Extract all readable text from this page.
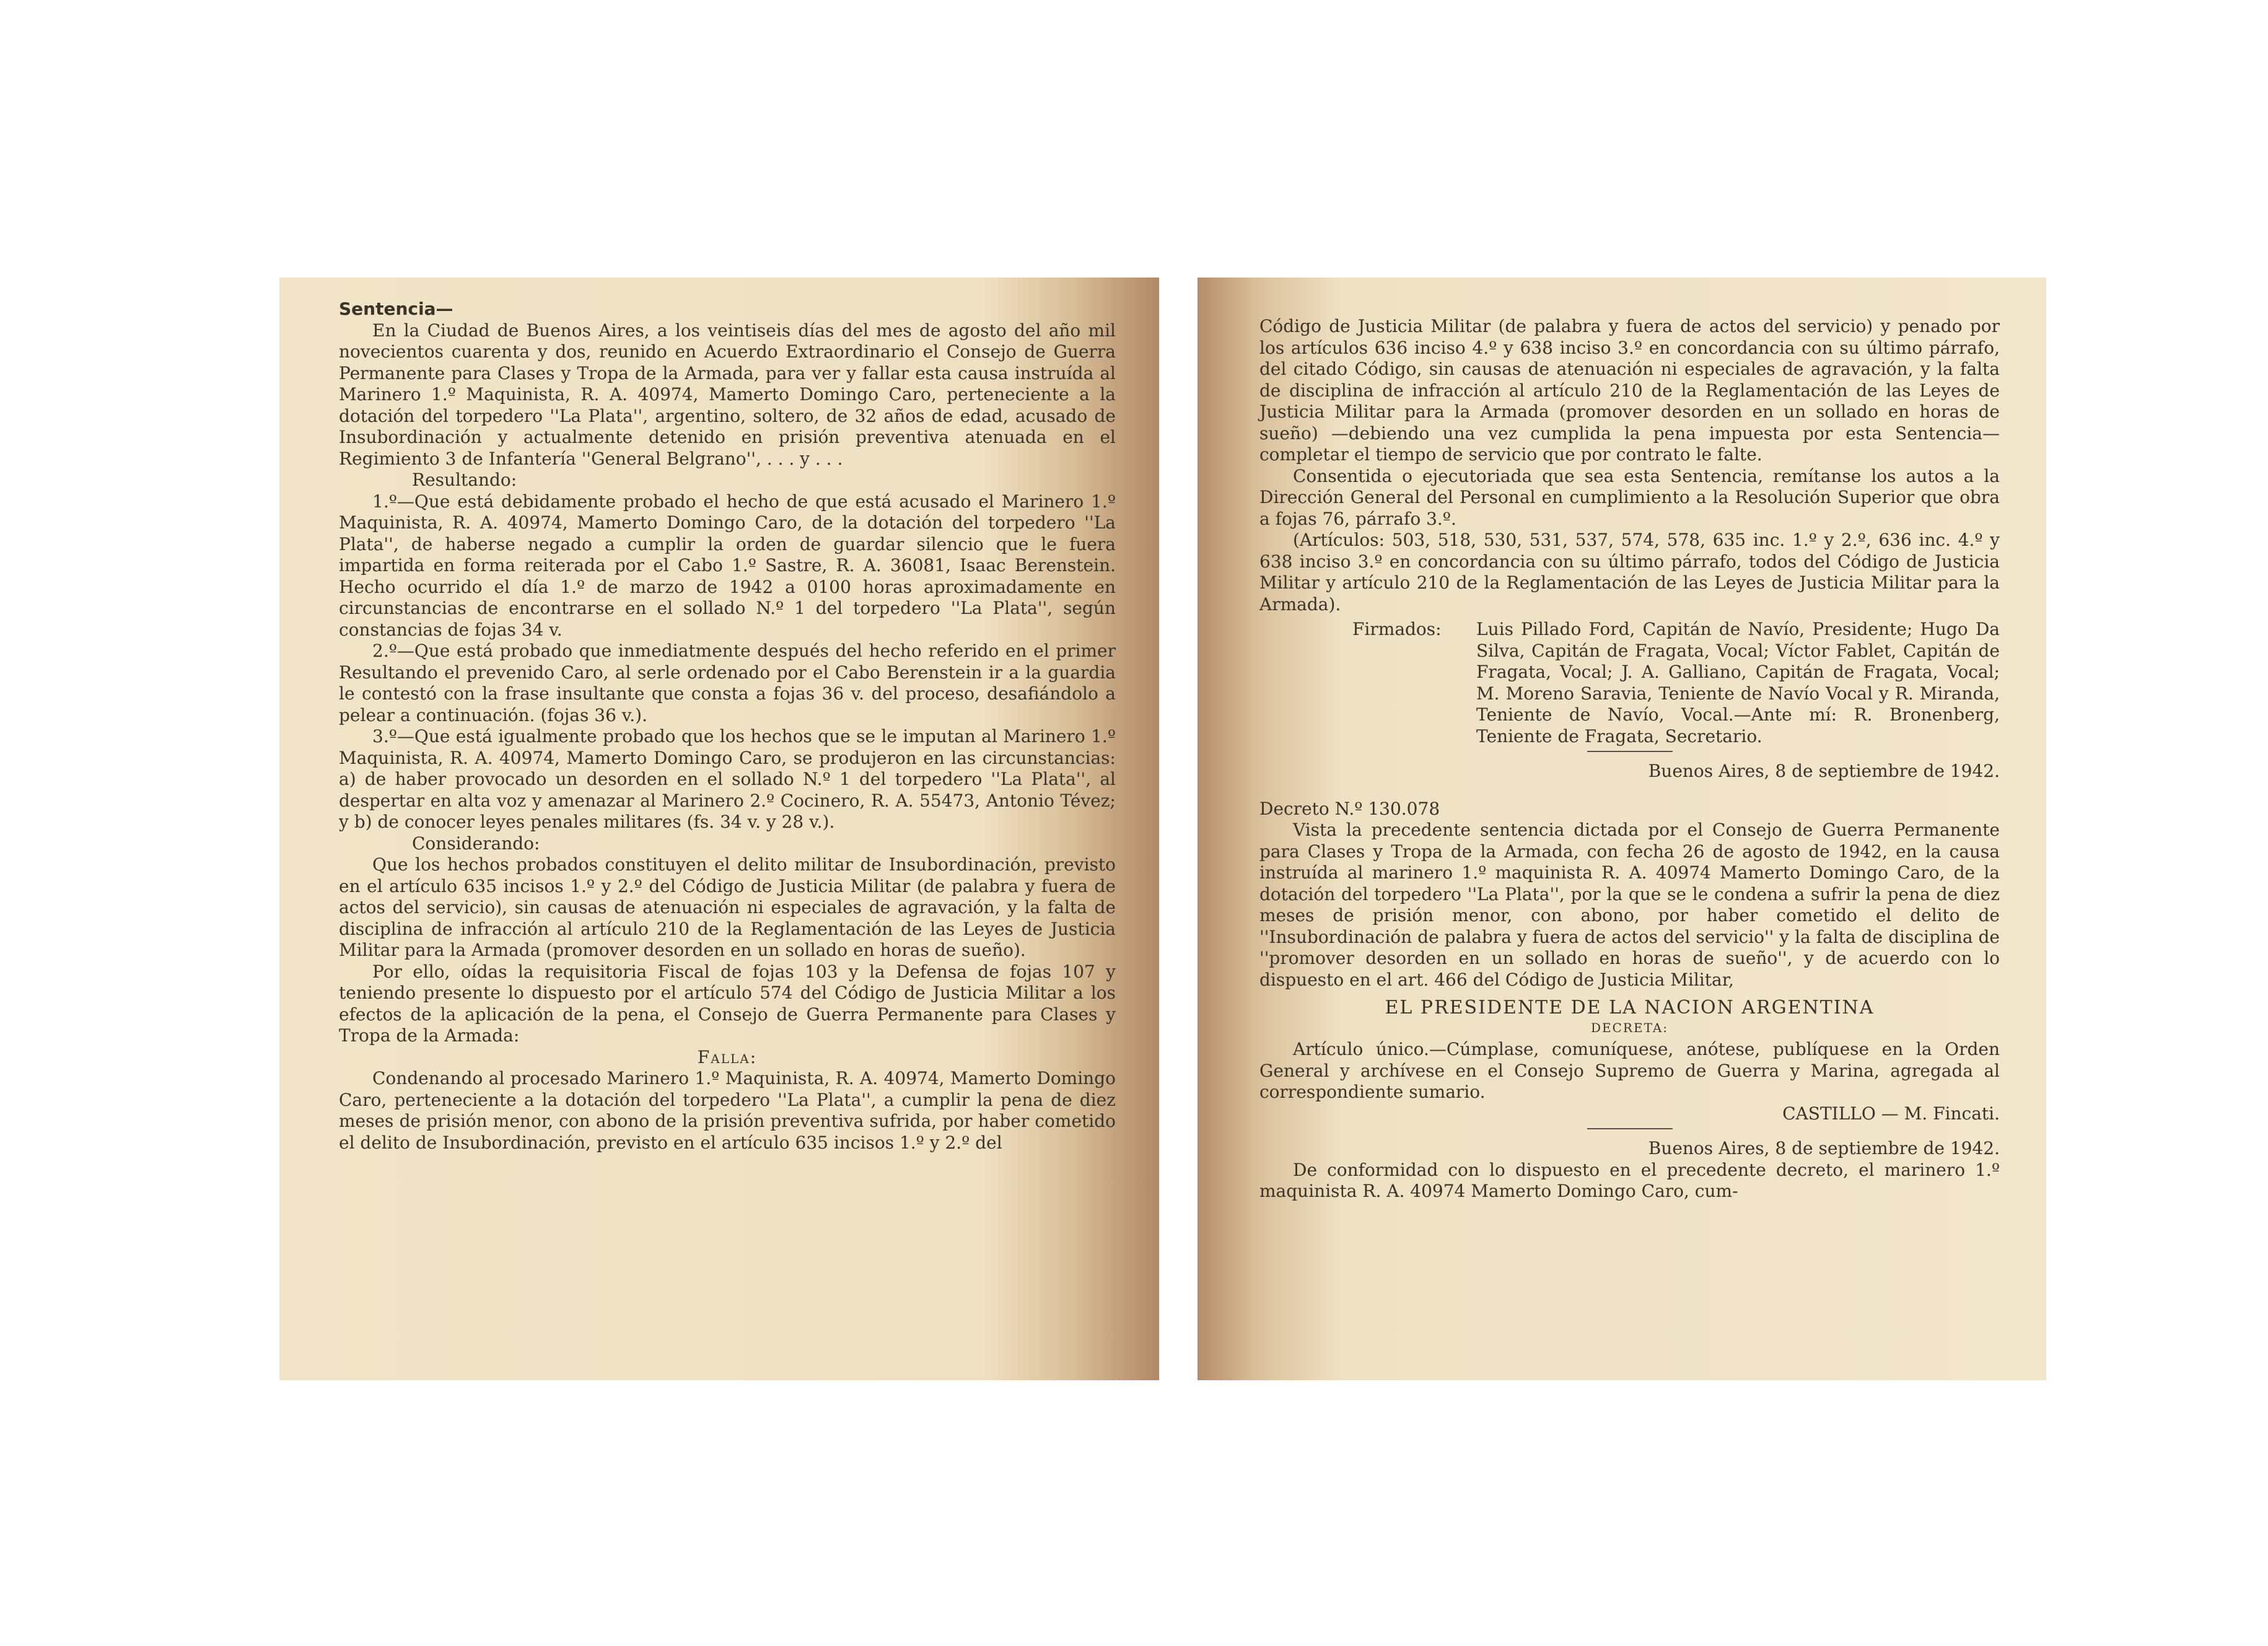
Sentencia—

En la Ciudad de Buenos Aires, a los veintiseis días del mes de agosto del año mil novecientos cuarenta y dos, reunido en Acuerdo Extraordinario el Consejo de Guerra Permanente para Clases y Tropa de la Armada, para ver y fallar esta causa instruída al Marinero 1.º Maquinista, R. A. 40974, Mamerto Domingo Caro, perteneciente a la dotación del torpedero ''La Plata'', argentino, soltero, de 32 años de edad, acusado de Insubordinación y actualmente detenido en prisión preventiva atenuada en el Regimiento 3 de Infantería ''General Belgrano'', . . . y . . .

Resultando:

1.º—Que está debidamente probado el hecho de que está acusado el Marinero 1.º Maquinista, R. A. 40974, Mamerto Domingo Caro, de la dotación del torpedero ''La Plata'', de haberse negado a cumplir la orden de guardar silencio que le fuera impartida en forma reiterada por el Cabo 1.º Sastre, R. A. 36081, Isaac Berenstein. Hecho ocurrido el día 1.º de marzo de 1942 a 0100 horas aproximadamente en circunstancias de encontrarse en el sollado N.º 1 del torpedero ''La Plata'', según constancias de fojas 34 v.

2.º—Que está probado que inmediatmente después del hecho referido en el primer Resultando el prevenido Caro, al serle ordenado por el Cabo Berenstein ir a la guardia le contestó con la frase insultante que consta a fojas 36 v. del proceso, desafiándolo a pelear a continuación. (fojas 36 v.).

3.º—Que está igualmente probado que los hechos que se le imputan al Marinero 1.º Maquinista, R. A. 40974, Mamerto Domingo Caro, se produjeron en las circunstancias: a) de haber provocado un desorden en el sollado N.º 1 del torpedero ''La Plata'', al despertar en alta voz y amenazar al Marinero 2.º Cocinero, R. A. 55473, Antonio Tévez; y b) de conocer leyes penales militares (fs. 34 v. y 28 v.).

Considerando:

Que los hechos probados constituyen el delito militar de Insubordinación, previsto en el artículo 635 incisos 1.º y 2.º del Código de Justicia Militar (de palabra y fuera de actos del servicio), sin causas de atenuación ni especiales de agravación, y la falta de disciplina de infracción al artículo 210 de la Reglamentación de las Leyes de Justicia Militar para la Armada (promover desorden en un sollado en horas de sueño).

Por ello, oídas la requisitoria Fiscal de fojas 103 y la Defensa de fojas 107 y teniendo presente lo dispuesto por el artículo 574 del Código de Justicia Militar a los efectos de la aplicación de la pena, el Consejo de Guerra Permanente para Clases y Tropa de la Armada:

Falla:

Condenando al procesado Marinero 1.º Maquinista, R. A. 40974, Mamerto Domingo Caro, perteneciente a la dotación del torpedero ''La Plata'', a cumplir la pena de diez meses de prisión menor, con abono de la prisión preventiva sufrida, por haber cometido el delito de Insubordinación, previsto en el artículo 635 incisos 1.º y 2.º del

Código de Justicia Militar (de palabra y fuera de actos del servicio) y penado por los artículos 636 inciso 4.º y 638 inciso 3.º en concordancia con su último párrafo, del citado Código, sin causas de atenuación ni especiales de agravación, y la falta de disciplina de infracción al artículo 210 de la Reglamentación de las Leyes de Justicia Militar para la Armada (promover desorden en un sollado en horas de sueño) —debiendo una vez cumplida la pena impuesta por esta Sentencia— completar el tiempo de servicio que por contrato le falte.

Consentida o ejecutoriada que sea esta Sentencia, remítanse los autos a la Dirección General del Personal en cumplimiento a la Resolución Superior que obra a fojas 76, párrafo 3.º.

(Artículos: 503, 518, 530, 531, 537, 574, 578, 635 inc. 1.º y 2.º, 636 inc. 4.º y 638 inciso 3.º en concordancia con su último párrafo, todos del Código de Justicia Militar y artículo 210 de la Reglamentación de las Leyes de Justicia Militar para la Armada).

Firmados:	Luis Pillado Ford, Capitán de Navío, Presidente; Hugo Da Silva, Capitán de Fragata, Vocal; Víctor Fablet, Capitán de Fragata, Vocal; J. A. Galliano, Capitán de Fragata, Vocal; M. Moreno Saravia, Teniente de Navío Vocal y R. Miranda, Teniente de Navío, Vocal.—Ante mí: R. Bronenberg, Teniente de Fragata, Secretario.

Buenos Aires, 8 de septiembre de 1942.

Decreto N.º 130.078

Vista la precedente sentencia dictada por el Consejo de Guerra Permanente para Clases y Tropa de la Armada, con fecha 26 de agosto de 1942, en la causa instruída al marinero 1.º maquinista R. A. 40974 Mamerto Domingo Caro, de la dotación del torpedero ''La Plata'', por la que se le condena a sufrir la pena de diez meses de prisión menor, con abono, por haber cometido el delito de ''Insubordinación de palabra y fuera de actos del servicio'' y la falta de disciplina de ''promover desorden en un sollado en horas de sueño'', y de acuerdo con lo dispuesto en el art. 466 del Código de Justicia Militar,

EL PRESIDENTE DE LA NACION ARGENTINA

DECRETA:

Artículo único.—Cúmplase, comuníquese, anótese, publíquese en la Orden General y archívese en el Consejo Supremo de Guerra y Marina, agregada al correspondiente sumario.

CASTILLO — M. Fincati.

Buenos Aires, 8 de septiembre de 1942.

De conformidad con lo dispuesto en el precedente decreto, el marinero 1.º maquinista R. A. 40974 Mamerto Domingo Caro, cum-
